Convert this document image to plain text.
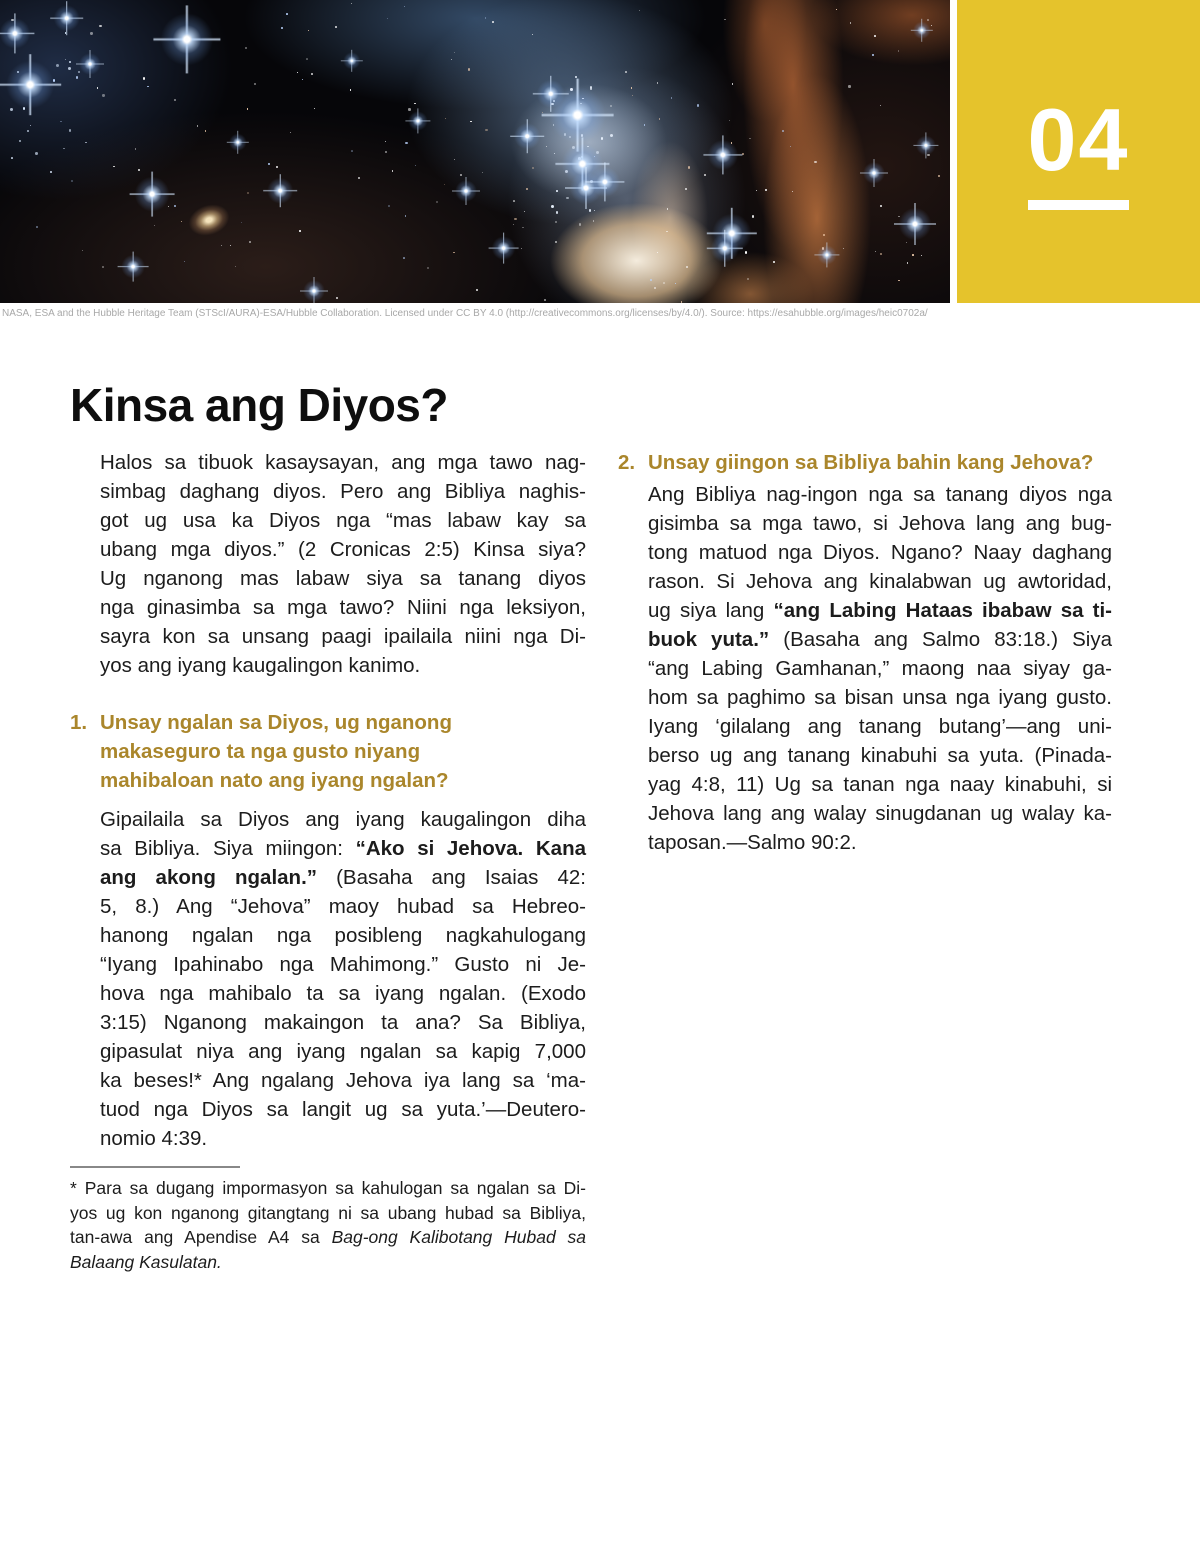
04
NASA, ESA and the Hubble Heritage Team (STScI/AURA)-ESA/Hubble Collaboration. Licensed under CC BY 4.0 (http://creativecommons.org/licenses/by/4.0/). Source: https://esahubble.org/images/heic0702a/
Kinsa ang Diyos?
Halos sa tibuok kasaysayan, ang mga tawo nag-
simbag daghang diyos. Pero ang Bibliya naghis-
got ug usa ka Diyos nga “mas labaw kay sa
ubang mga diyos.” (2 Cronicas 2:5) Kinsa siya?
Ug nganong mas labaw siya sa tanang diyos
nga ginasimba sa mga tawo? Niini nga leksiyon,
sayra kon sa unsang paagi ipailaila niini nga Di-
yos ang iyang kaugalingon kanimo.
1. Unsay ngalan sa Diyos, ug nganong
makaseguro ta nga gusto niyang
mahibaloan nato ang iyang ngalan?
Gipailaila sa Diyos ang iyang kaugalingon diha
sa Bibliya. Siya miingon: “Ako si Jehova. Kana
ang akong ngalan.” (Basaha ang Isaias 42:
5, 8.) Ang “Jehova” maoy hubad sa Hebreo-
hanong ngalan nga posibleng nagkahulogang
“Iyang Ipahinabo nga Mahimong.” Gusto ni Je-
hova nga mahibalo ta sa iyang ngalan. (Exodo
3:15) Nganong makaingon ta ana? Sa Bibliya,
gipasulat niya ang iyang ngalan sa kapig 7,000
ka beses!* Ang ngalang Jehova iya lang sa ‘ma-
tuod nga Diyos sa langit ug sa yuta.’—Deutero-
nomio 4:39.
* Para sa dugang impormasyon sa kahulogan sa ngalan sa Di-
yos ug kon nganong gitangtang ni sa ubang hubad sa Bibliya,
tan-awa ang Apendise A4 sa Bag-ong Kalibotang Hubad sa
Balaang Kasulatan.
2. Unsay giingon sa Bibliya bahin kang Jehova?
Ang Bibliya nag-ingon nga sa tanang diyos nga
gisimba sa mga tawo, si Jehova lang ang bug-
tong matuod nga Diyos. Ngano? Naay daghang
rason. Si Jehova ang kinalabwan ug awtoridad,
ug siya lang “ang Labing Hataas ibabaw sa ti-
buok yuta.” (Basaha ang Salmo 83:18.) Siya
“ang Labing Gamhanan,” maong naa siyay ga-
hom sa paghimo sa bisan unsa nga iyang gusto.
Iyang ‘gilalang ang tanang butang’—ang uni-
berso ug ang tanang kinabuhi sa yuta. (Pinada-
yag 4:8, 11) Ug sa tanan nga naay kinabuhi, si
Jehova lang ang walay sinugdanan ug walay ka-
taposan.—Salmo 90:2.
